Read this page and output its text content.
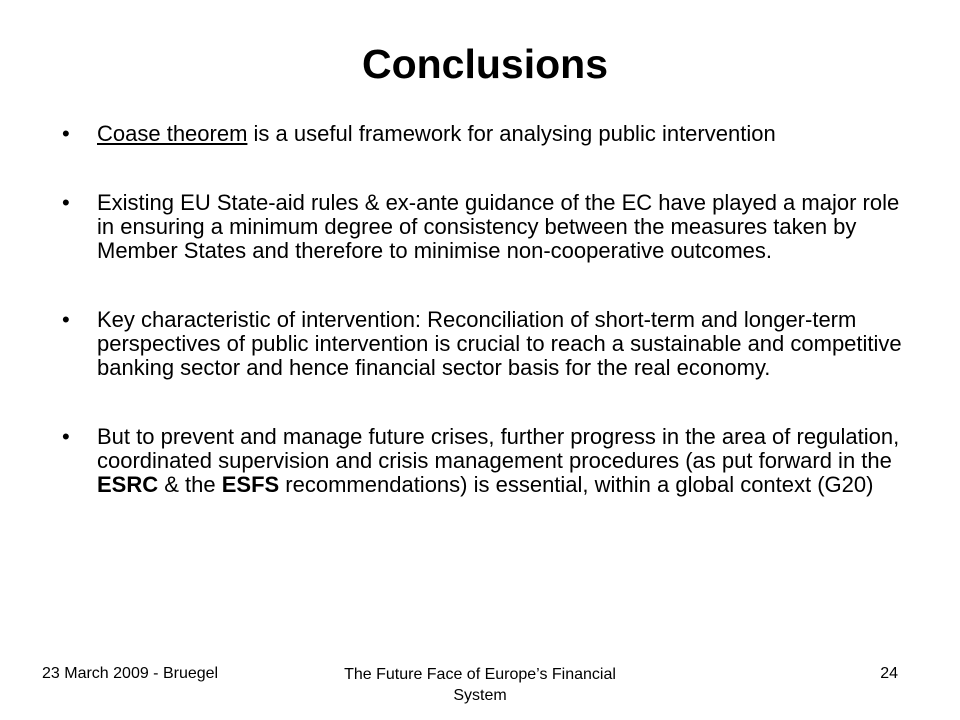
Conclusions
• Coase theorem is a useful framework for analysing public intervention
• Existing EU State-aid rules & ex-ante guidance of the EC have played a major role in ensuring a minimum degree of consistency between the measures taken by Member States and therefore to minimise non-cooperative outcomes.
• Key characteristic of intervention: Reconciliation of short-term and longer-term perspectives of public intervention is crucial to reach a sustainable and competitive banking sector and hence financial sector basis for the real economy.
• But to prevent and manage future crises, further progress in the area of regulation, coordinated supervision and crisis management procedures (as put forward in the ESRC & the ESFS recommendations) is essential, within a global context (G20)
23 March 2009 - Bruegel	The Future Face of Europe’s Financial System
24
